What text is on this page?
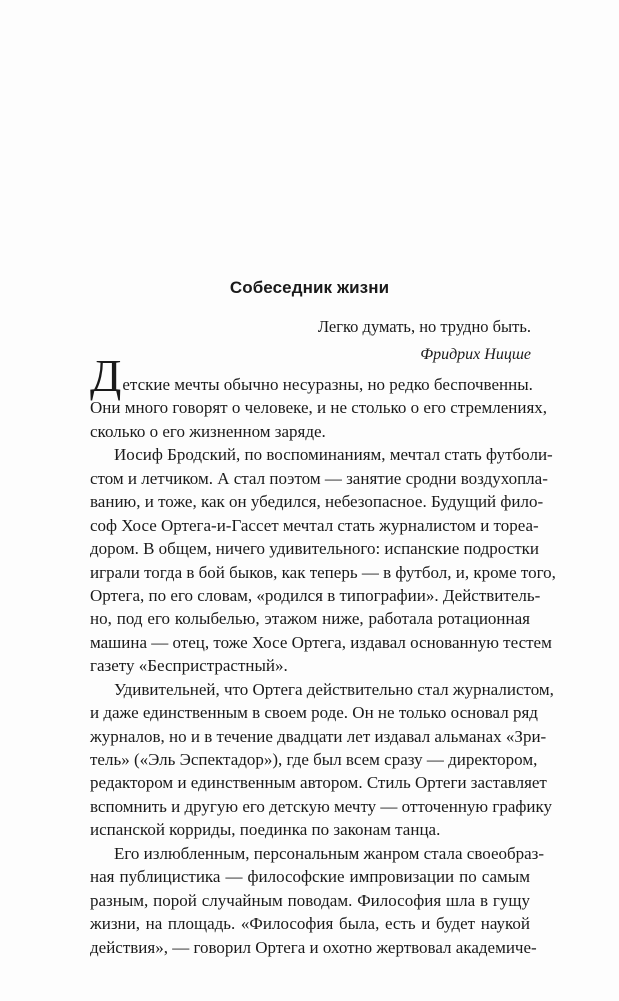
Собеседник жизни
Легко думать, но трудно быть.
Фридрих Ницше
Д етские мечты обычно несуразны, но редко беспочвенны.
Они много говорят о человеке, и не столько о его стремлениях,
сколько о его жизненном заряде.
Иосиф Бродский, по воспоминаниям, мечтал стать футболи-
стом и летчиком. А стал поэтом — занятие сродни воздухопла-
ванию, и тоже, как он убедился, небезопасное. Будущий фило-
соф Хосе Ортега-и-Гассет мечтал стать журналистом и тореа-
дором. В общем, ничего удивительного: испанские подростки
играли тогда в бой быков, как теперь — в футбол, и, кроме того,
Ортега, по его словам, «родился в типографии». Действитель-
но, под его колыбелью, этажом ниже, работала ротационная
машина — отец, тоже Хосе Ортега, издавал основанную тестем
газету «Беспристрастный».
Удивительней, что Ортега действительно стал журналистом,
и даже единственным в своем роде. Он не только основал ряд
журналов, но и в течение двадцати лет издавал альманах «Зри-
тель» («Эль Эспектадор»), где был всем сразу — директором,
редактором и единственным автором. Стиль Ортеги заставляет
вспомнить и другую его детскую мечту — отточенную графику
испанской корриды, поединка по законам танца.
Его излюбленным, персональным жанром стала своеобраз-
ная публицистика — философские импровизации по самым
разным, порой случайным поводам. Философия шла в гущу
жизни, на площадь. «Философия была, есть и будет наукой
действия», — говорил Ортега и охотно жертвовал академиче-
